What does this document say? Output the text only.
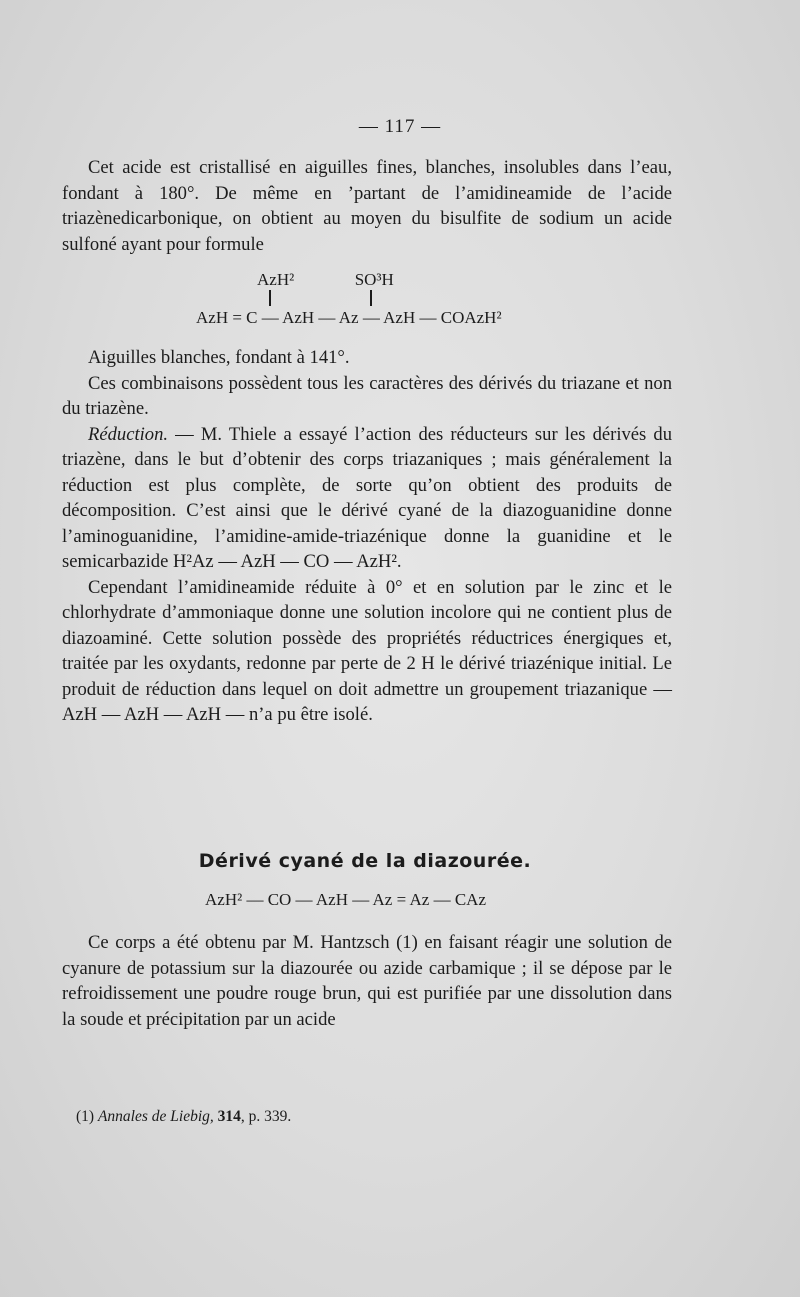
— 117 —

Cet acide est cristallisé en aiguilles fines, blanches, insolubles dans l’eau, fondant à 180°. De même en ’partant de l’amidineamide de l’acide triazènedicarbonique, on obtient au moyen du bisulfite de sodium un acide sulfoné ayant pour formule

AzH²	SO³H
AzH = C — AzH — Az — AzH — COAzH²

Aiguilles blanches, fondant à 141°.

Ces combinaisons possèdent tous les caractères des dérivés du triazane et non du triazène.

Réduction. — M. Thiele a essayé l’action des réducteurs sur les dérivés du triazène, dans le but d’obtenir des corps triazaniques ; mais généralement la réduction est plus complète, de sorte qu’on obtient des produits de décomposition. C’est ainsi que le dérivé cyané de la diazoguanidine donne l’aminoguanidine, l’amidine-amide-triazénique donne la guanidine et le semicarbazide H²Az — AzH — CO — AzH².

Cependant l’amidineamide réduite à 0° et en solution par le zinc et le chlorhydrate d’ammoniaque donne une solution incolore qui ne contient plus de diazoaminé. Cette solution possède des propriétés réductrices énergiques et, traitée par les oxydants, redonne par perte de 2 H le dérivé triazénique initial. Le produit de réduction dans lequel on doit admettre un groupement triazanique — AzH — AzH — AzH — n’a pu être isolé.

Dérivé cyané de la diazourée.
AzH² — CO — AzH — Az = Az — CAz

Ce corps a été obtenu par M. Hantzsch (1) en faisant réagir une solution de cyanure de potassium sur la diazourée ou azide carbamique ; il se dépose par le refroidissement une poudre rouge brun, qui est purifiée par une dissolution dans la soude et précipitation par un acide

(1) Annales de Liebig, 314, p. 339.
